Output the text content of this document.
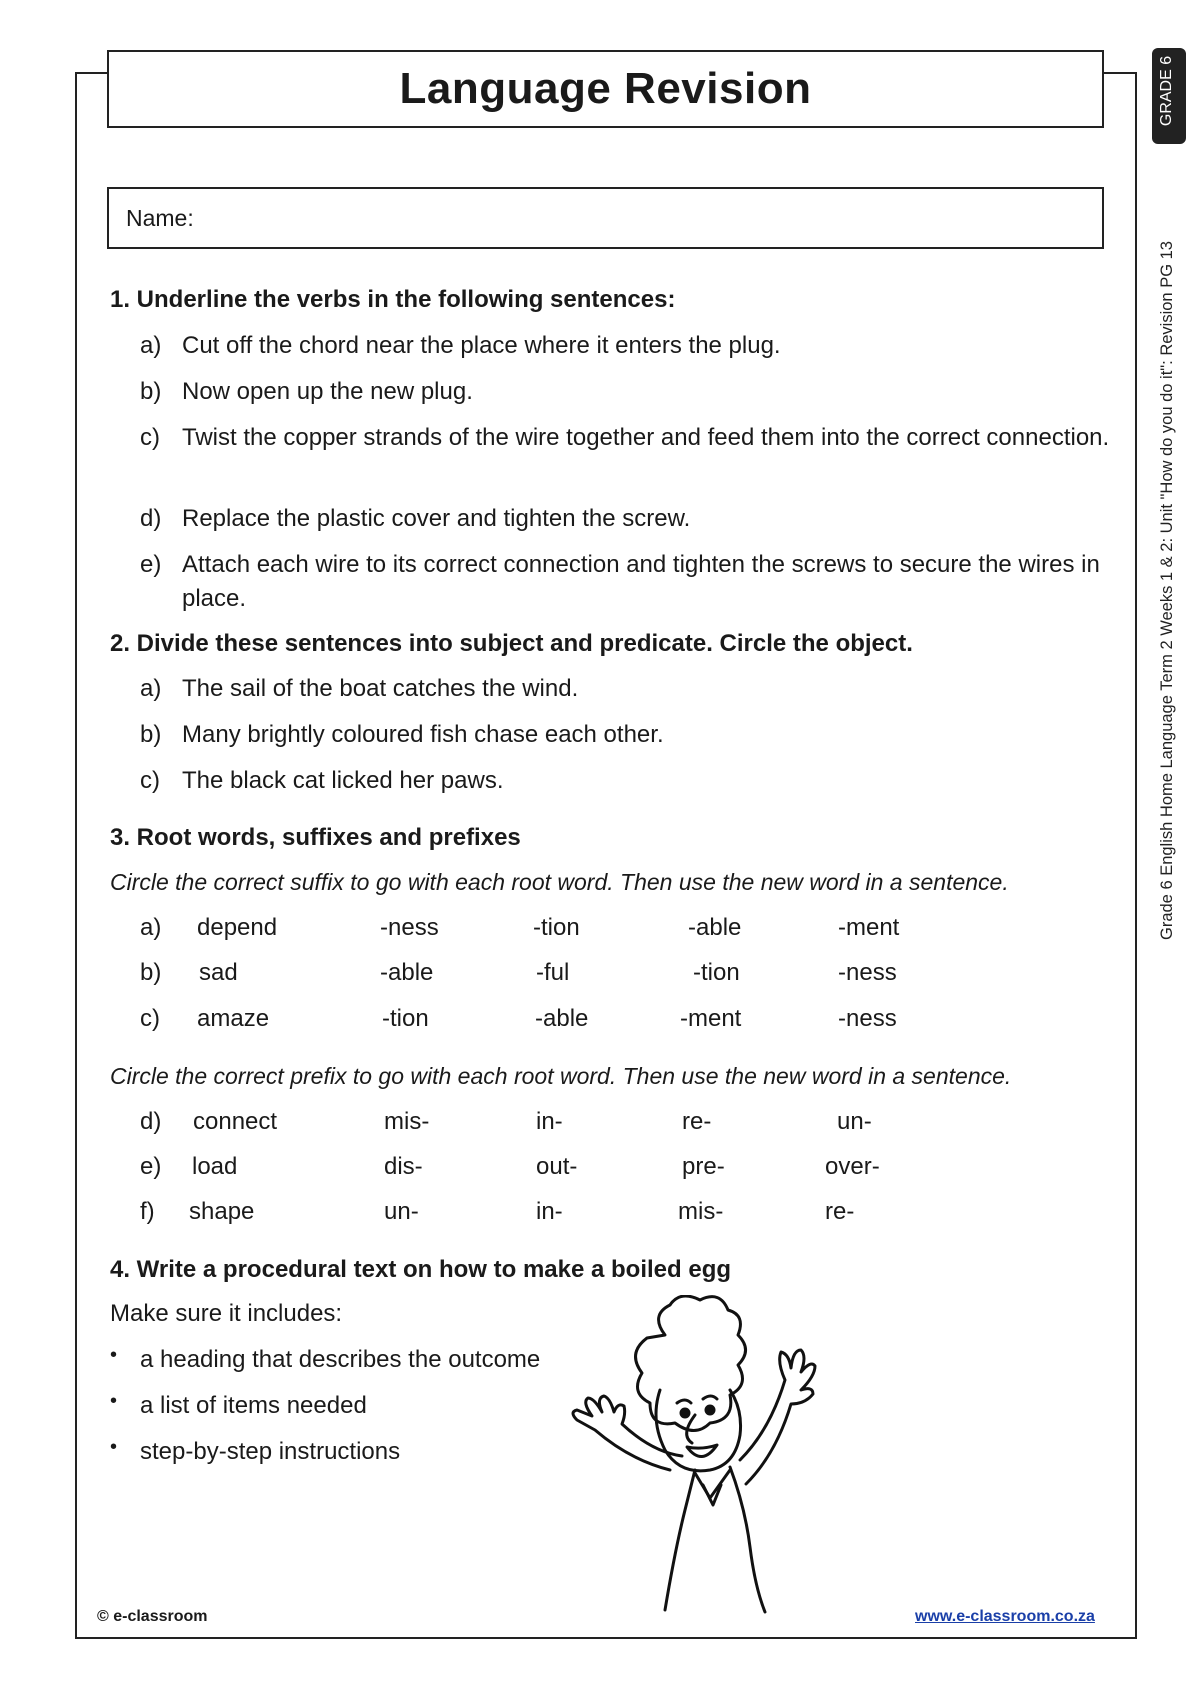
Language Revision	GRADE 6
Grade 6 English Home Language Term 2 Weeks 1 & 2: Unit "How do you do it": Revision PG 13
Name:
1. Underline the verbs in the following sentences:
a) Cut off the chord near the place where it enters the plug.
b) Now open up the new plug.
c) Twist the copper strands of the wire together and feed them into the correct connection.
d) Replace the plastic cover and tighten the screw.
e) Attach each wire to its correct connection and tighten the screws to secure the wires in place.
2. Divide these sentences into subject and predicate. Circle the object.
a) The sail of the boat catches the wind.
b) Many brightly coloured fish chase each other.
c) The black cat licked her paws.
3. Root words, suffixes and prefixes
Circle the correct suffix to go with each root word. Then use the new word in a sentence.
a) depend	-ness	-tion	-able	-ment
b) sad	-able	-ful	-tion	-ness
c) amaze	-tion	-able	-ment	-ness
Circle the correct prefix to go with each root word. Then use the new word in a sentence.
d) connect	mis-	in-	re-	un-
e) load	dis-	out-	pre-	over-
f) shape	un-	in-	mis-	re-
4. Write a procedural text on how to make a boiled egg
Make sure it includes:
• a heading that describes the outcome
• a list of items needed
• step-by-step instructions
© e-classroom	www.e-classroom.co.za
